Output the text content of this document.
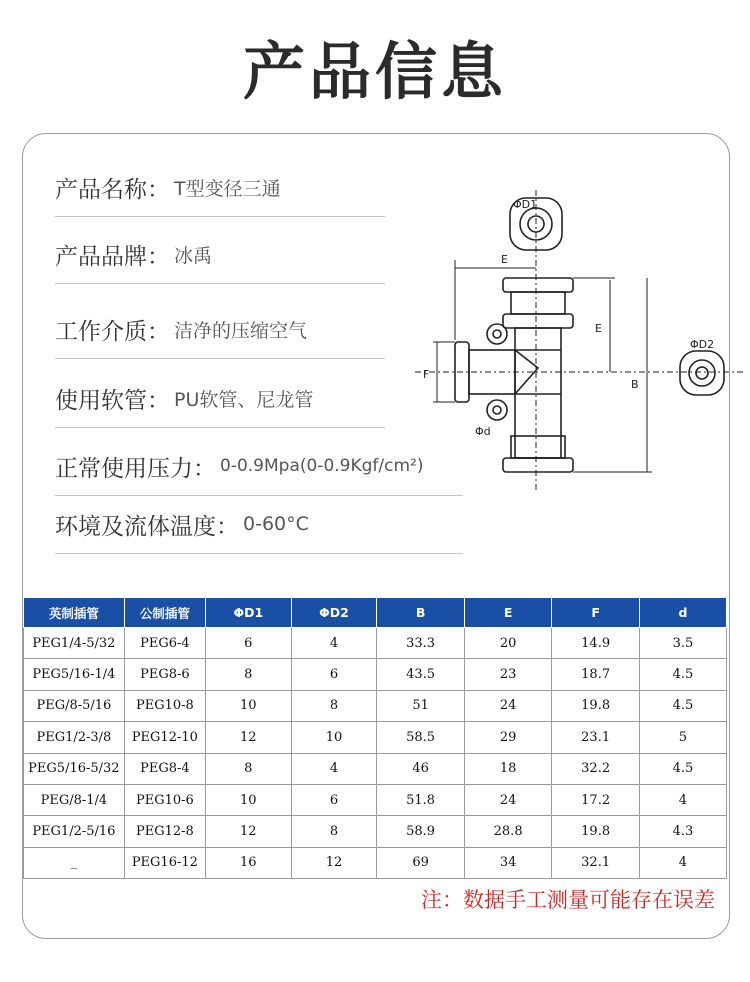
产品信息
产品名称： T型变径三通
产品品牌： 冰禹
工作介质： 洁净的压缩空气
使用软管： PU软管、尼龙管
正常使用压力： 0-0.9Mpa(0-0.9Kgf/cm²)
环境及流体温度： 0-60°C
ΦD1
ΦD2
Φd
E
E
F
B
英制插管	公制插管	ΦD1	ΦD2	B	E	F	d
PEG1/4-5/32	PEG6-4	6	4	33.3	20	14.9	3.5
PEG5/16-1/4	PEG8-6	8	6	43.5	23	18.7	4.5
PEG/8-5/16	PEG10-8	10	8	51	24	19.8	4.5
PEG1/2-3/8	PEG12-10	12	10	58.5	29	23.1	5
PEG5/16-5/32	PEG8-4	8	4	46	18	32.2	4.5
PEG/8-1/4	PEG10-6	10	6	51.8	24	17.2	4
PEG1/2-5/16	PEG12-8	12	8	58.9	28.8	19.8	4.3
_	PEG16-12	16	12	69	34	32.1	4
注：数据手工测量可能存在误差
